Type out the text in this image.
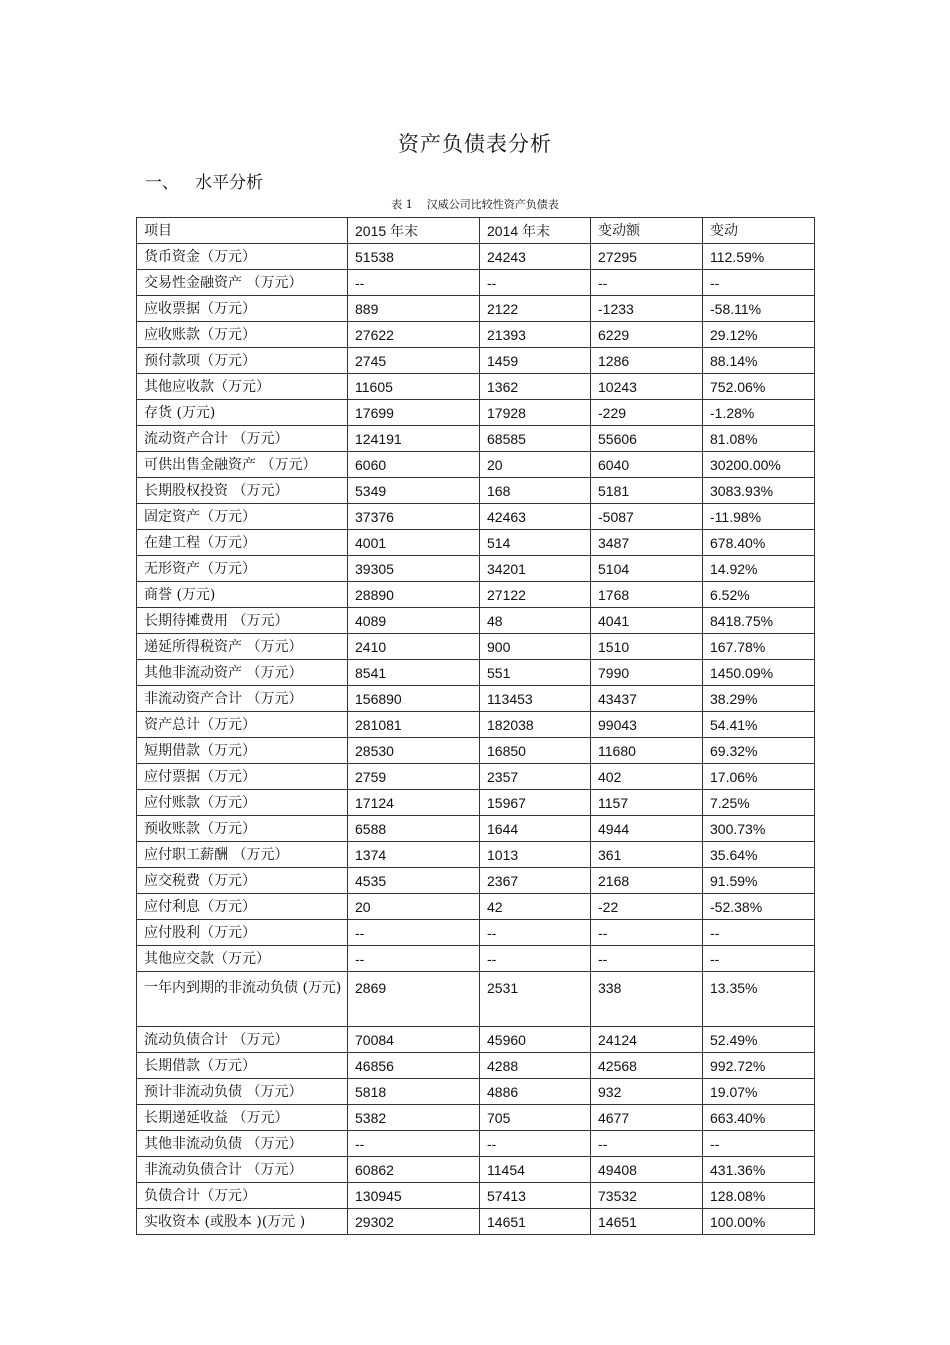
资产负债表分析
一、 水平分析
表 1 汉威公司比较性资产负债表
项目	2015 年末	2014 年末	变动额	变动
货币资金（万元）	51538	24243	27295	112.59%
交易性金融资产 （万元）	--	--	--	--
应收票据（万元）	889	2122	-1233	-58.11%
应收账款（万元）	27622	21393	6229	29.12%
预付款项（万元）	2745	1459	1286	88.14%
其他应收款（万元）	11605	1362	10243	752.06%
存货 (万元)	17699	17928	-229	-1.28%
流动资产合计 （万元）	124191	68585	55606	81.08%
可供出售金融资产 （万元）	6060	20	6040	30200.00%
长期股权投资 （万元）	5349	168	5181	3083.93%
固定资产（万元）	37376	42463	-5087	-11.98%
在建工程（万元）	4001	514	3487	678.40%
无形资产（万元）	39305	34201	5104	14.92%
商誉 (万元)	28890	27122	1768	6.52%
长期待摊费用 （万元）	4089	48	4041	8418.75%
递延所得税资产 （万元）	2410	900	1510	167.78%
其他非流动资产 （万元）	8541	551	7990	1450.09%
非流动资产合计 （万元）	156890	113453	43437	38.29%
资产总计（万元）	281081	182038	99043	54.41%
短期借款（万元）	28530	16850	11680	69.32%
应付票据（万元）	2759	2357	402	17.06%
应付账款（万元）	17124	15967	1157	7.25%
预收账款（万元）	6588	1644	4944	300.73%
应付职工薪酬 （万元）	1374	1013	361	35.64%
应交税费（万元）	4535	2367	2168	91.59%
应付利息（万元）	20	42	-22	-52.38%
应付股利（万元）	--	--	--	--
其他应交款（万元）	--	--	--	--
一年内到期的非流动负债 (万元)	2869	2531	338	13.35%
流动负债合计 （万元）	70084	45960	24124	52.49%
长期借款（万元）	46856	4288	42568	992.72%
预计非流动负债 （万元）	5818	4886	932	19.07%
长期递延收益 （万元）	5382	705	4677	663.40%
其他非流动负债 （万元）	--	--	--	--
非流动负债合计 （万元）	60862	11454	49408	431.36%
负债合计（万元）	130945	57413	73532	128.08%
实收资本 (或股本 )(万元 )	29302	14651	14651	100.00%
